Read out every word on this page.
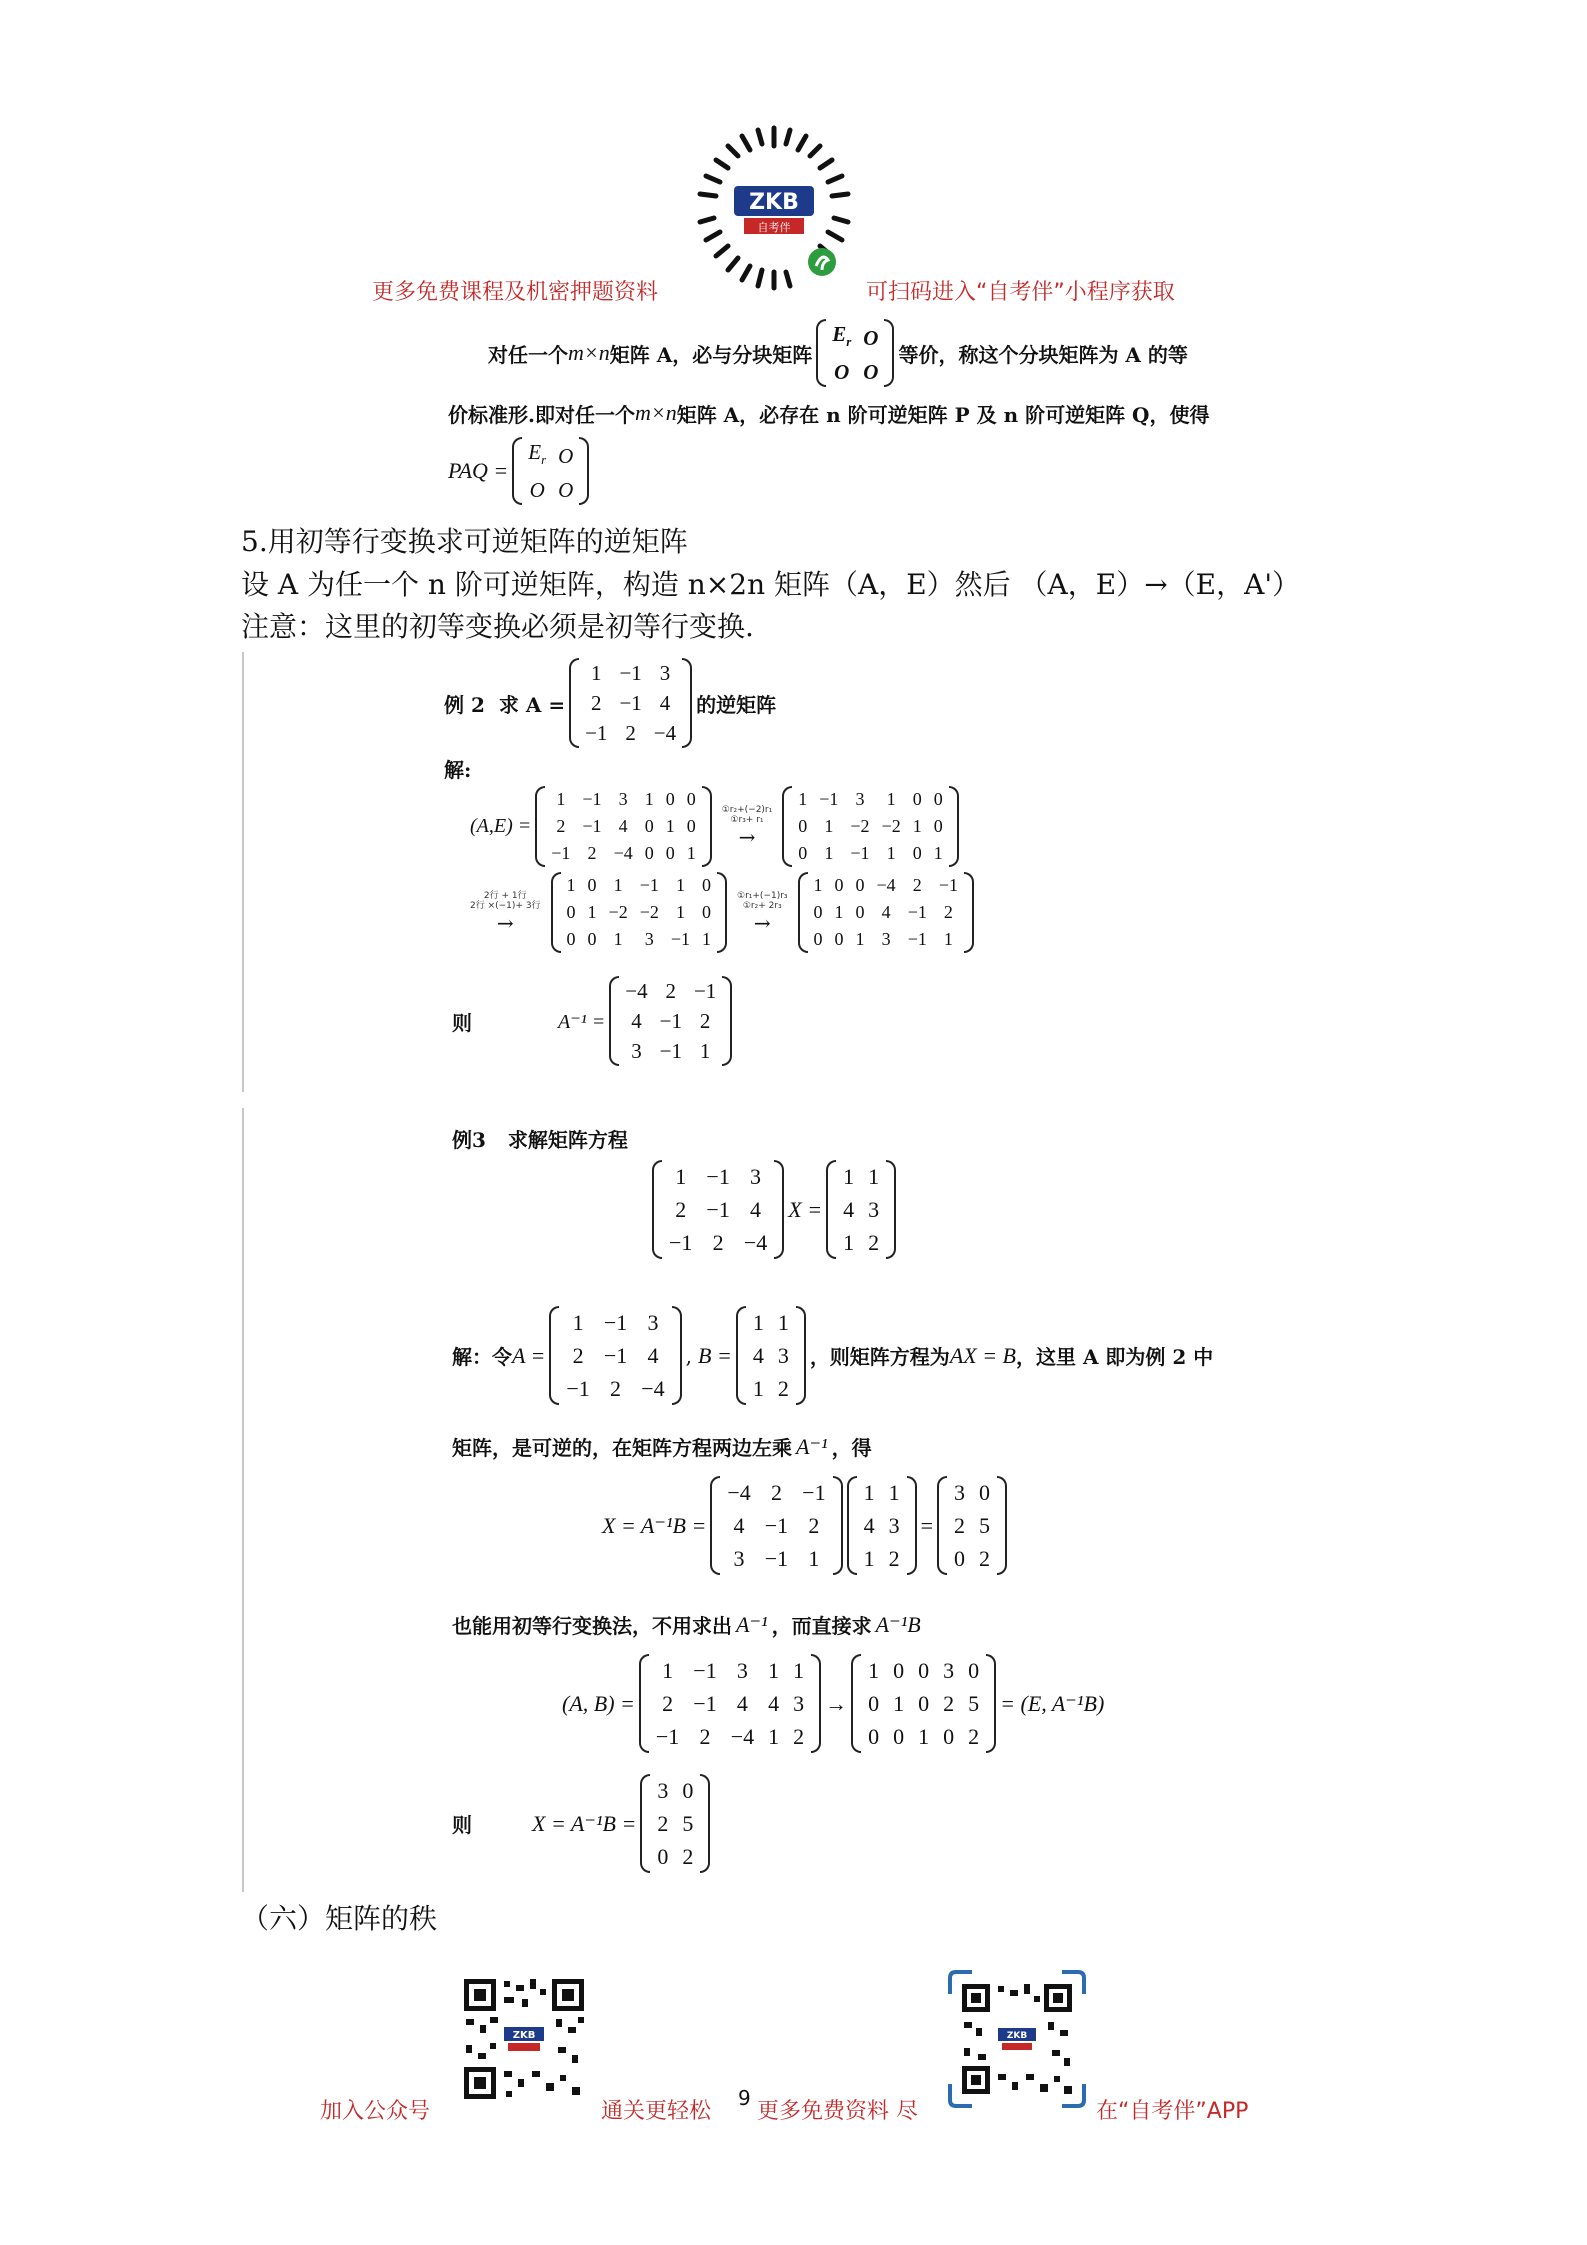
ZKB
自考伴
更多免费课程及机密押题资料	可扫码进入“自考伴”小程序获取
对任一个 m×n 矩阵 A，必与分块矩阵
$E_r$	O
O	O
等价，称这个分块矩阵为 A 的等
价标准形.即对任一个 m×n 矩阵 A，必存在 n 阶可逆矩阵 P 及 n 阶可逆矩阵 Q，使得
PAQ =
$E_r$	O
O	O
5.用初等行变换求可逆矩阵的逆矩阵
设 A 为任一个 n 阶可逆矩阵，构造 n×2n 矩阵（A，E）然后 （A，E）→（E，A'）
注意：这里的初等变换必须是初等行变换.
例 2 求 A =
1	−1	3
2	−1	4
−1	2	−4
的逆矩阵
解:
(A,E) =
1	−1	3	1	0	0
2	−1	4	0	1	0
−1	2	−4	0	0	1
①r₂+(−2)r₁
①r₃+ r₁
→
1	−1	3	1	0	0
0	1	−2	−2	1	0
0	1	−1	1	0	1
2行 + 1行
2行 ×(−1)+ 3行
→
1	0	1	−1	1	0
0	1	−2	−2	1	0
0	0	1	3	−1	1
①r₁+(−1)r₃
①r₂+ 2r₃
→
1	0	0	−4	2	−1
0	1	0	4	−1	2
0	0	1	3	−1	1
则	A⁻¹ =
−4	2	−1
4	−1	2
3	−1	1
例3 求解矩阵方程
1	−1	3
2	−1	4
−1	2	−4
X =
1	1
4	3
1	2
解：令 A =
1	−1	3
2	−1	4
−1	2	−4
, B =
1	1
4	3
1	2
，则矩阵方程为 AX = B ，这里 A 即为例 2 中
矩阵，是可逆的，在矩阵方程两边左乘 A⁻¹ ，得
X = A⁻¹B =
−4	2	−1
4	−1	2
3	−1	1
1	1
4	3
1	2
=
3	0
2	5
0	2
也能用初等行变换法，不用求出 A⁻¹ ，而直接求 A⁻¹B
(A, B) =
1	−1	3	1	1
2	−1	4	4	3
−1	2	−4	1	2
→
1	0	0	3	0
0	1	0	2	5
0	0	1	0	2
= (E, A⁻¹B)
则	X = A⁻¹B =
3	0
2	5
0	2
（六）矩阵的秩
ZKB	ZKB
加入公众号	通关更轻松
9
更多免费资料 尽	在“自考伴”APP
